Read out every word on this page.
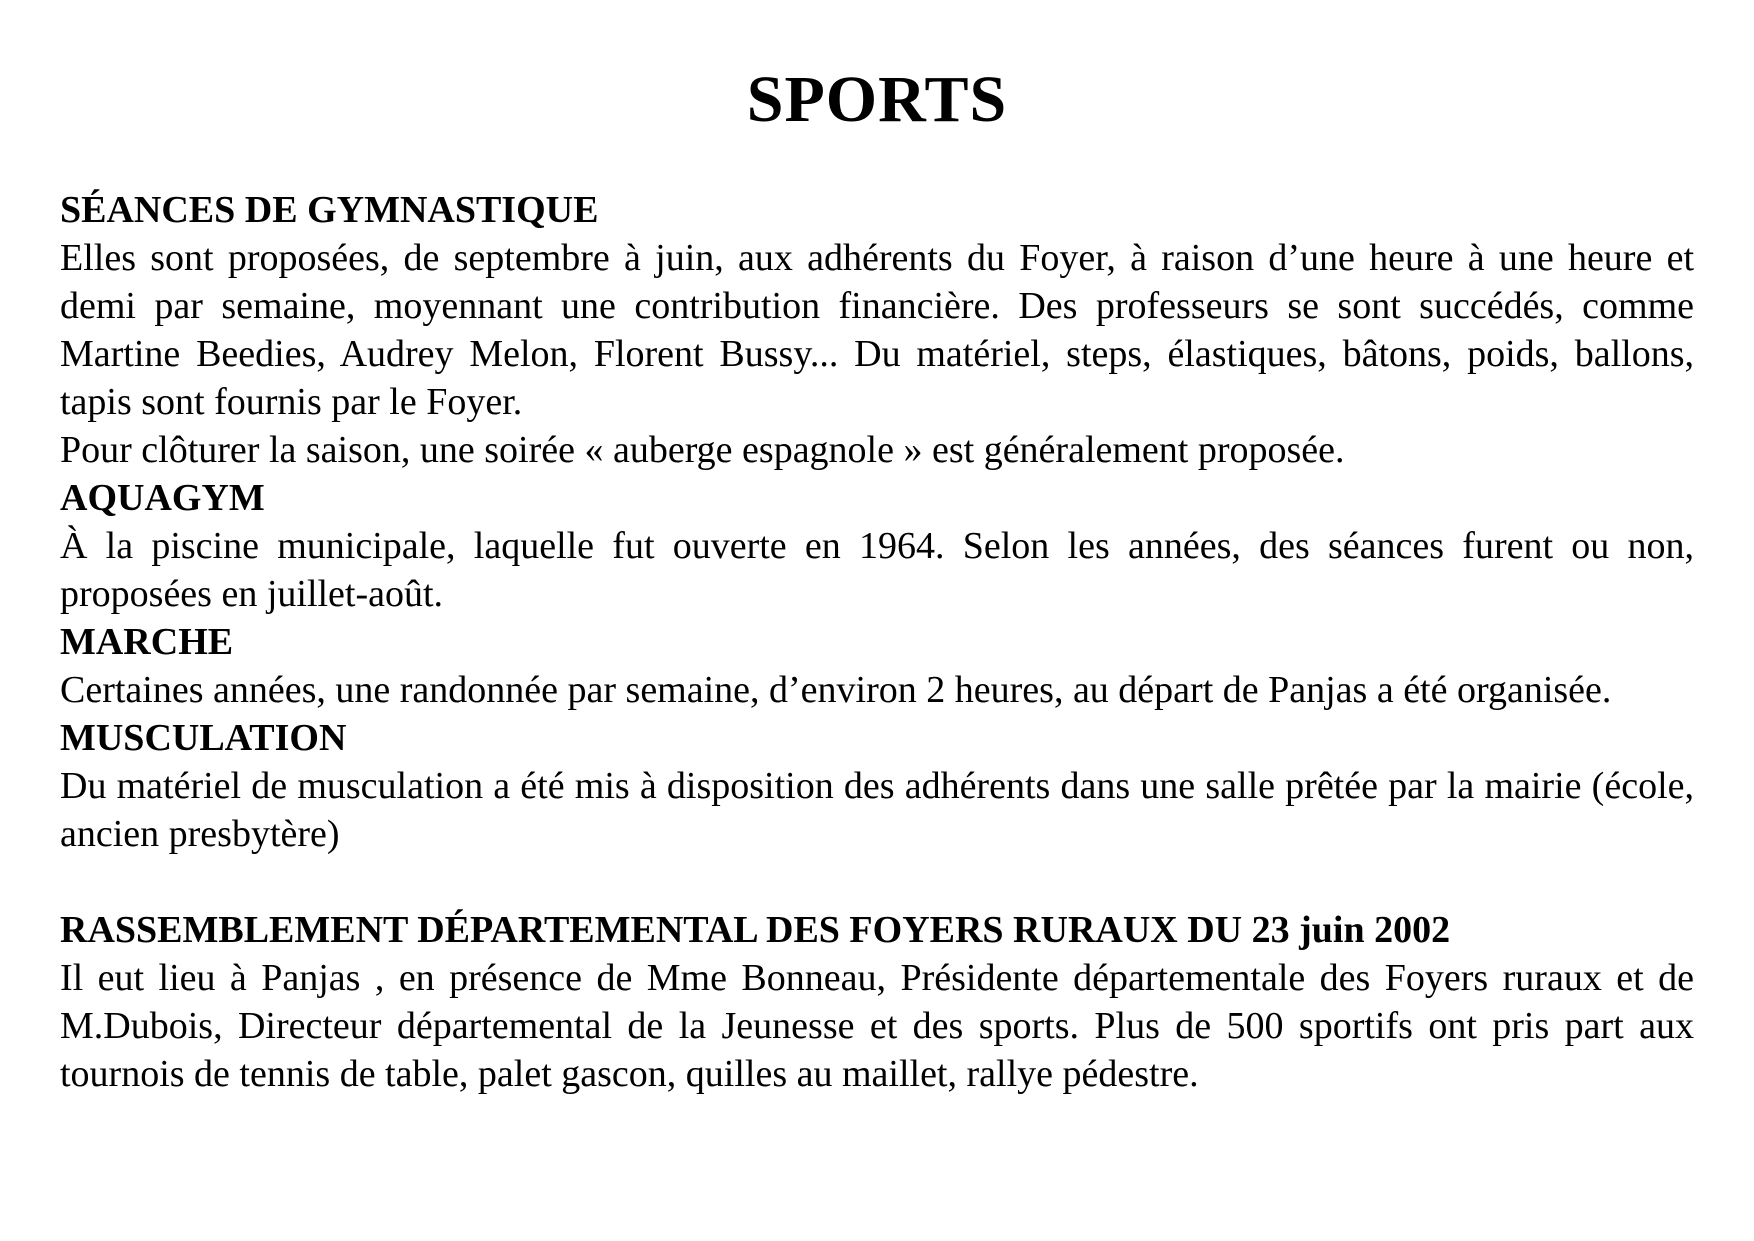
SPORTS

SÉANCES DE GYMNASTIQUE

Elles sont proposées, de septembre à juin, aux adhérents du Foyer, à raison d’une heure à une heure et demi par semaine, moyennant une contribution financière. Des professeurs se sont succédés, comme Martine Beedies, Audrey Melon, Florent Bussy... Du matériel, steps, élastiques, bâtons, poids, ballons, tapis sont fournis par le Foyer.

Pour clôturer la saison, une soirée « auberge espagnole » est généralement proposée.

AQUAGYM

À la piscine municipale, laquelle fut ouverte en 1964. Selon les années, des séances furent ou non, proposées en juillet-août.

MARCHE

Certaines années, une randonnée par semaine, d’environ 2 heures, au départ de Panjas a été organisée.

MUSCULATION

Du matériel de musculation a été mis à disposition des adhérents dans une salle prêtée par la mairie (école, ancien presbytère)

RASSEMBLEMENT DÉPARTEMENTAL DES FOYERS RURAUX DU 23 juin 2002

Il eut lieu à Panjas , en présence de Mme Bonneau, Présidente départementale des Foyers ruraux et de M.Dubois, Directeur départemental de la Jeunesse et des sports. Plus de 500 sportifs ont pris part aux tournois de tennis de table, palet gascon, quilles au maillet, rallye pédestre.
